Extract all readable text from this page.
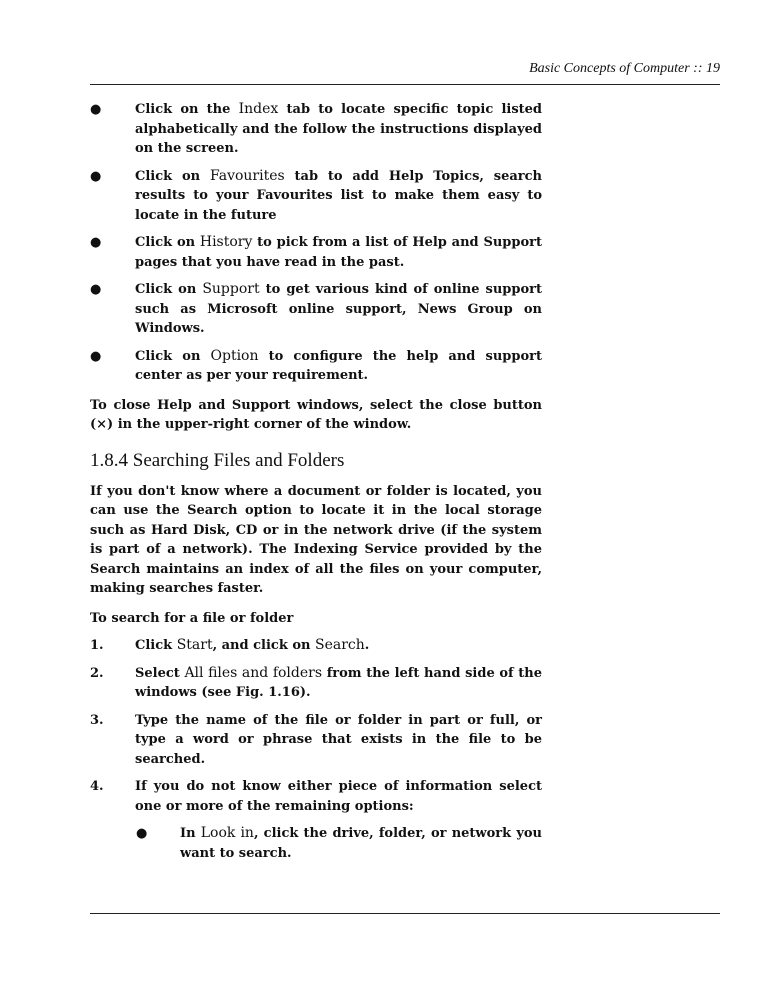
Basic Concepts of Computer :: 19
●	Click on the Index tab to locate specific topic listed alphabetically and the follow the instructions displayed on the screen.
●	Click on Favourites tab to add Help Topics, search results to your Favourites list to make them easy to locate in the future
●	Click on History to pick from a list of Help and Support pages that you have read in the past.
●	Click on Support to get various kind of online support such as Microsoft online support, News Group on Windows.
●	Click on Option to configure the help and support center as per your requirement.
To close Help and Support windows, select the close button (×) in the upper-right corner of the window.
1.8.4 Searching Files and Folders
If you don't know where a document or folder is located, you can use the Search option to locate it in the local storage such as Hard Disk, CD or in the network drive (if the system is part of a network). The Indexing Service provided by the Search maintains an index of all the files on your computer, making searches faster.
To search for a file or folder
1. Click Start, and click on Search.
2. Select All files and folders from the left hand side of the windows (see Fig. 1.16).
3. Type the name of the file or folder in part or full, or type a word or phrase that exists in the file to be searched.
4. If you do not know either piece of information select one or more of the remaining options:
●	In Look in, click the drive, folder, or network you want to search.
